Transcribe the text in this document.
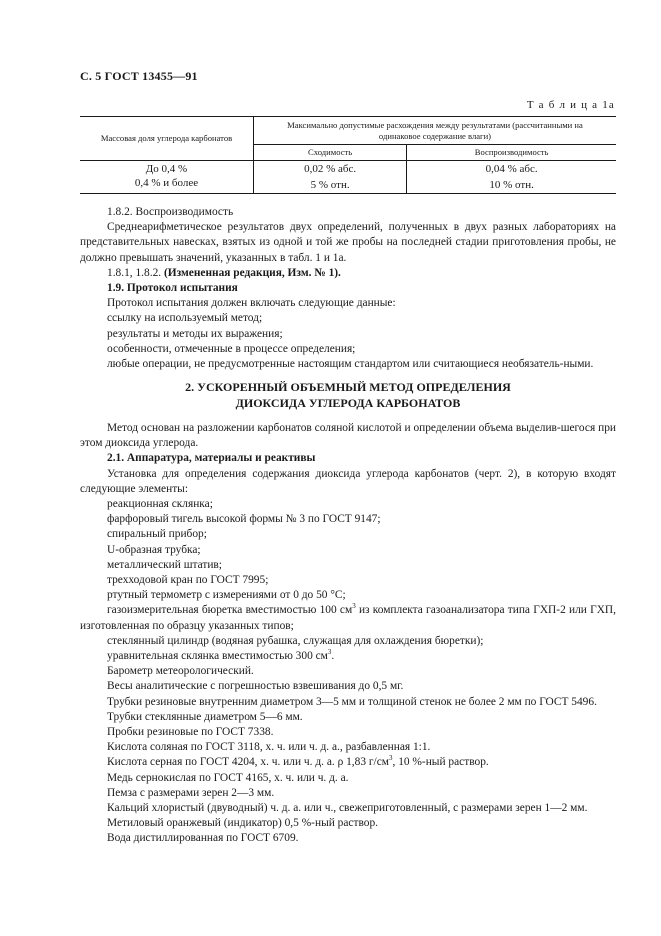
С. 5 ГОСТ 13455—91
Т а б л и ц а 1а
Массовая доля углерода карбонатов	Максимально допустимые расхождения между результатами (рассчитанными на одинаковое содержание влаги)	
	Сходимость	Воспроизводимость
До 0,4 %	0,02 % абс.	0,04 % абс.
0,4 % и более	5 % отн.	10 % отн.

1.8.2. Воспроизводимость

Среднеарифметическое результатов двух определений, полученных в двух разных лабораториях на представительных навесках, взятых из одной и той же пробы на последней стадии приготовления пробы, не должно превышать значений, указанных в табл. 1 и 1а.

1.8.1, 1.8.2. (Измененная редакция, Изм. № 1).

1.9. Протокол испытания

Протокол испытания должен включать следующие данные:

ссылку на используемый метод;

результаты и методы их выражения;

особенности, отмеченные в процессе определения;

любые операции, не предусмотренные настоящим стандартом или считающиеся необязатель-ными.

2. УСКОРЕННЫЙ ОБЪЕМНЫЙ МЕТОД ОПРЕДЕЛЕНИЯ
ДИОКСИДА УГЛЕРОДА КАРБОНАТОВ

Метод основан на разложении карбонатов соляной кислотой и определении объема выделив-шегося при этом диоксида углерода.

2.1. Аппаратура, материалы и реактивы

Установка для определения содержания диоксида углерода карбонатов (черт. 2), в которую входят следующие элементы:

реакционная склянка;

фарфоровый тигель высокой формы № 3 по ГОСТ 9147;

спиральный прибор;

U-образная трубка;

металлический штатив;

трехходовой кран по ГОСТ 7995;

ртутный термометр с измерениями от 0 до 50 °С;

газоизмерительная бюретка вместимостью 100 $см^3$ из комплекта газоанализатора типа ГХП-2 или ГХП, изготовленная по образцу указанных типов;

стеклянный цилиндр (водяная рубашка, служащая для охлаждения бюретки);

уравнительная склянка вместимостью 300 $см^3$.

Барометр метеорологический.

Весы аналитические с погрешностью взвешивания до 0,5 мг.

Трубки резиновые внутренним диаметром 3—5 мм и толщиной стенок не более 2 мм по ГОСТ 5496.

Трубки стеклянные диаметром 5—6 мм.

Пробки резиновые по ГОСТ 7338.

Кислота соляная по ГОСТ 3118, х. ч. или ч. д. а., разбавленная 1:1.

Кислота серная по ГОСТ 4204, х. ч. или ч. д. а. ρ 1,83 $г/см^3$, 10 %-ный раствор.

Медь сернокислая по ГОСТ 4165, х. ч. или ч. д. а.

Пемза с размерами зерен 2—3 мм.

Кальций хлористый (двуводный) ч. д. а. или ч., свежеприготовленный, с размерами зерен 1—2 мм.

Метиловый оранжевый (индикатор) 0,5 %-ный раствор.

Вода дистиллированная по ГОСТ 6709.
